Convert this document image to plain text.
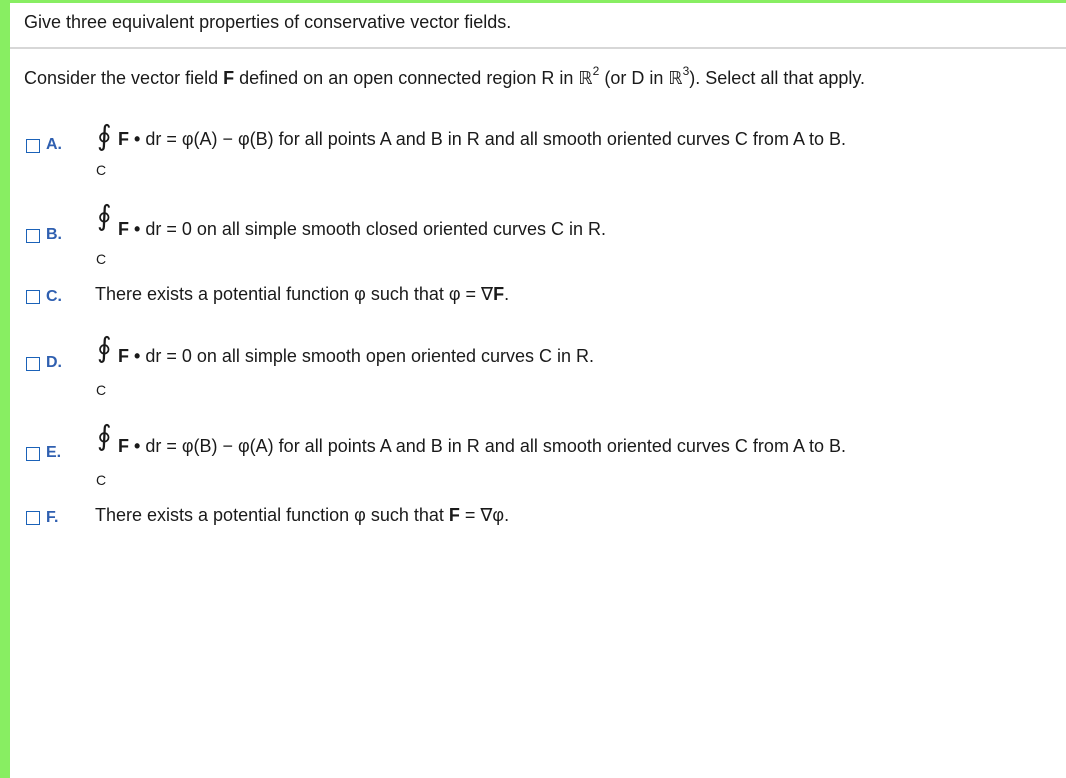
Give three equivalent properties of conservative vector fields.
Consider the vector field F defined on an open connected region R in ℝ$^2$ (or D in ℝ$^3$). Select all that apply.
A. ∮
C
F • dr = φ(A) − φ(B) for all points A and B in R and all smooth oriented curves C from A to B.
B.
∮
C
F • dr = 0 on all simple smooth closed oriented curves C in R.
C. There exists a potential function φ such that φ = ∇F.
D. ∮
C
F • dr = 0 on all simple smooth open oriented curves C in R.
E.
∮
C
F • dr = φ(B) − φ(A) for all points A and B in R and all smooth oriented curves C from A to B.
F. There exists a potential function φ such that F = ∇φ.
